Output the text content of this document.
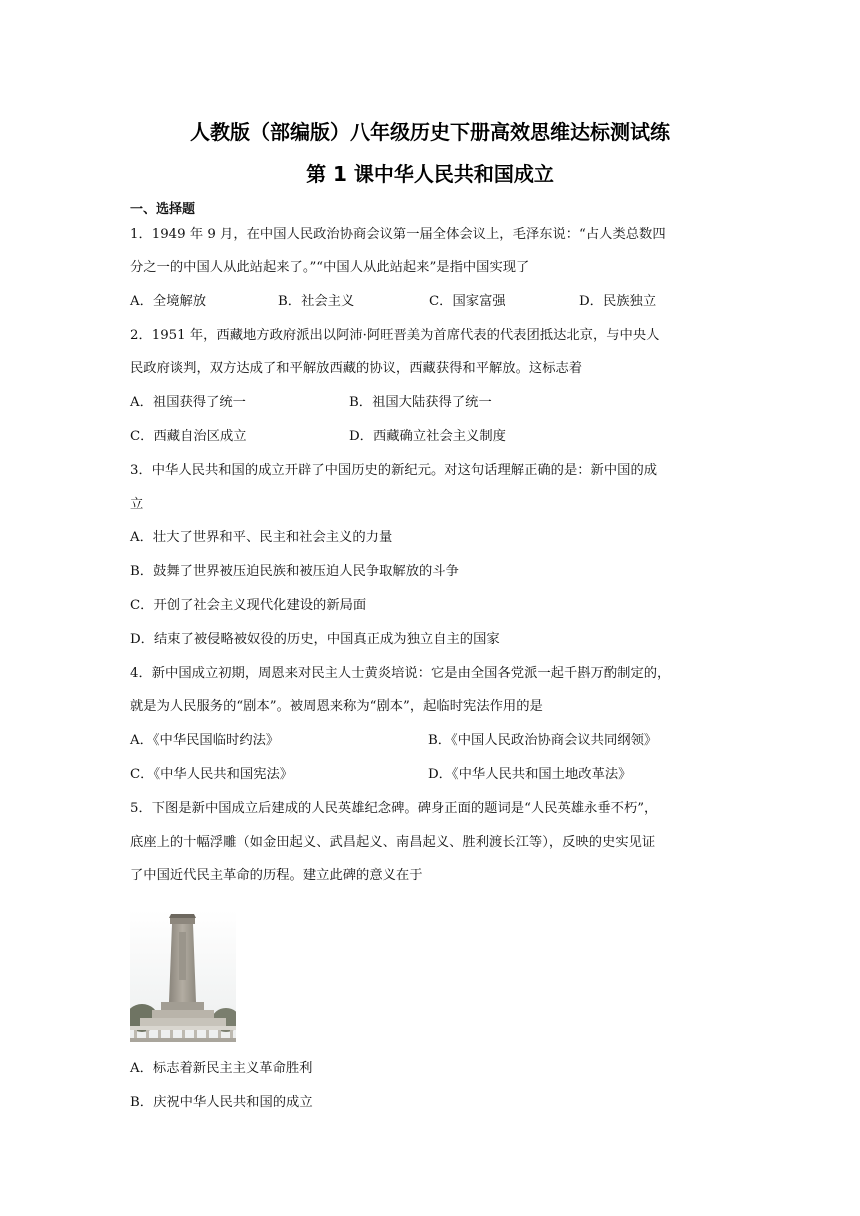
人教版（部编版）八年级历史下册高效思维达标测试练
第 1 课中华人民共和国成立
一、选择题
1．1949 年 9 月，在中国人民政治协商会议第一届全体会议上，毛泽东说：“占人类总数四
分之一的中国人从此站起来了。”“中国人从此站起来”是指中国实现了
A．全境解放	B．社会主义	C．国家富强	D．民族独立
2．1951 年，西藏地方政府派出以阿沛·阿旺晋美为首席代表的代表团抵达北京，与中央人
民政府谈判，双方达成了和平解放西藏的协议，西藏获得和平解放。这标志着
A．祖国获得了统一	B．祖国大陆获得了统一
C．西藏自治区成立	D．西藏确立社会主义制度
3．中华人民共和国的成立开辟了中国历史的新纪元。对这句话理解正确的是：新中国的成
立
A．壮大了世界和平、民主和社会主义的力量
B．鼓舞了世界被压迫民族和被压迫人民争取解放的斗争
C．开创了社会主义现代化建设的新局面
D．结束了被侵略被奴役的历史，中国真正成为独立自主的国家
4．新中国成立初期，周恩来对民主人士黄炎培说：它是由全国各党派一起千斟万酌制定的，
就是为人民服务的“剧本”。被周恩来称为“剧本”，起临时宪法作用的是
A．《中华民国临时约法》	B．《中国人民政治协商会议共同纲领》
C．《中华人民共和国宪法》	D．《中华人民共和国土地改革法》
5．下图是新中国成立后建成的人民英雄纪念碑。碑身正面的题词是“人民英雄永垂不朽”，
底座上的十幅浮雕（如金田起义、武昌起义、南昌起义、胜利渡长江等），反映的史实见证
了中国近代民主革命的历程。建立此碑的意义在于
A．标志着新民主主义革命胜利
B．庆祝中华人民共和国的成立
